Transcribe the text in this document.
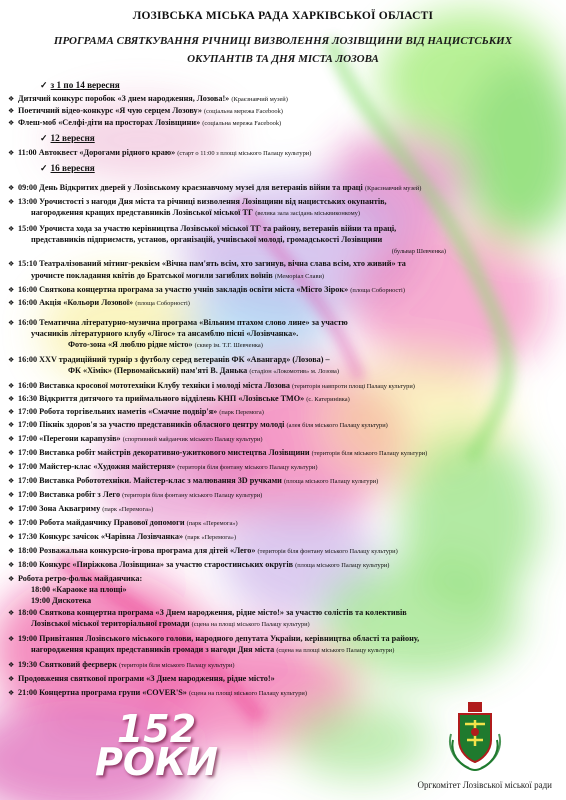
ЛОЗІВСЬКА МІСЬКА РАДА ХАРКІВСЬКОЇ ОБЛАСТІ
ПРОГРАМА СВЯТКУВАННЯ РІЧНИЦІ ВИЗВОЛЕННЯ ЛОЗІВЩИНИ ВІД НАЦИСТСЬКИХ
ОКУПАНТІВ ТА ДНЯ МІСТА ЛОЗОВА
✓ з 1 по 14 вересня
❖ Дитячий конкурс поробок «З днем народження, Лозова!» (Краєзнавчий музей)
❖ Поетичний відео-конкурс «Я чую серцем Лозову» (соціальна мережа Facebook)
❖ Флеш-моб «Селфі-діти на просторах Лозівщини» (соціальна мережа Facebook)
✓ 12 вересня
❖ 11:00 Автоквест «Дорогами рідного краю» (старт о 11:00 з площі міського Палацу культури)
✓ 16 вересня
❖ 09:00 День Відкритих дверей у Лозівському краєзнавчому музеї для ветеранів війни та праці (Краєзнавчий музей)
❖ 13:00 Урочистості з нагоди Дня міста та річниці визволення Лозівщини від нацистських окупантів,
нагородження кращих представників Лозівської міської ТГ (велика зала засідань міськвиконкому)
❖ 15:00 Урочиста хода за участю керівництва Лозівської міської ТГ та району, ветеранів війни та праці,
представників підприємств, установ, організацій, учнівської молоді, громадськості Лозівщини
(бульвар Шевченка)
❖ 15:10 Театралізований мітинг-реквієм «Вічна пам'ять всім, хто загинув, вічна слава всім, хто живий» та
урочисте покладання квітів до Братської могили загиблих воїнів (Меморіал Слави)
❖ 16:00 Святкова концертна програма за участю учнів закладів освіти міста «Місто Зірок» (площа Соборності)
❖ 16:00 Акція «Кольори Лозової» (площа Соборності)
❖ 16:00 Тематична літературно-музична програма «Вільним птахом слово лине» за участю
учасників літературного клубу «Лігос» та ансамблю пісні «Лозівчанка».
Фото-зона «Я люблю рідне місто» (сквер ім. Т.Г. Шевченка)
❖ 16:00 XXV традиційний турнір з футболу серед ветеранів ФК «Авангард» (Лозова) –
ФК «Хімік» (Первомайський) пам'яті В. Данька (стадіон «Локомотив» м. Лозова)
❖ 16:00 Виставка кросової мототехніки Клубу техніки і молоді міста Лозова (територія навпроти площі Палацу культури)
❖ 16:30 Відкриття дитячого та приймального відділень КНП «Лозівське ТМО» (с. Катеринівка)
❖ 17:00 Робота торгівельних наметів «Смачне подвір'я» (парк Перемога)
❖ 17:00 Пікнік здоров'я за участю представників обласного центру молоді (алея біля міського Палацу культури)
❖ 17:00 «Перегони карапузів» (спортивний майданчик міського Палацу культури)
❖ 17:00 Виставка робіт майстрів декоративно-ужиткового мистецтва Лозівщини (територія біля міського Палацу культури)
❖ 17:00 Майстер-клас «Художня майстерня» (територія біля фонтану міського Палацу культури)
❖ 17:00 Виставка Робототехніки. Майстер-клас з малювання 3D ручками (площа міського Палацу культури)
❖ 17:00 Виставка робіт з Лего (територія біля фонтану міського Палацу культури)
❖ 17:00 Зона Аквагриму (парк «Перемога»)
❖ 17:00 Робота майданчику Правової допомоги (парк «Перемога»)
❖ 17:30 Конкурс зачісок «Чарівна Лозівчанка» (парк «Перемога»)
❖ 18:00 Розважальна конкурсно-ігрова програма для дітей «Лего» (територія біля фонтану міського Палацу культури)
❖ 18:00 Конкурс «Пиріжкова Лозівщина» за участю старостинських округів (площа міського Палацу культури)
❖ Робота ретро-фольк майданчика:
18:00 «Караоке на площі»
19:00 Дискотека
❖ 18:00 Святкова концертна програма «З Днем народження, рідне місто!» за участю солістів та колективів
Лозівської міської територіальної громади (сцена на площі міського Палацу культури)
❖ 19:00 Привітання Лозівського міського голови, народного депутата України, керівництва області та району,
нагородження кращих представників громади з нагоди Дня міста (сцена на площі міського Палацу культури)
❖ 19:30 Святковий феєрверк (територія біля міського Палацу культури)
❖ Продовження святкової програми «З Днем народження, рідне місто!»
❖ 21:00 Концертна програма групи «COVER'S» (сцена на площі міського Палацу культури)
152
РОКИ
Оргкомітет Лозівської міської ради
